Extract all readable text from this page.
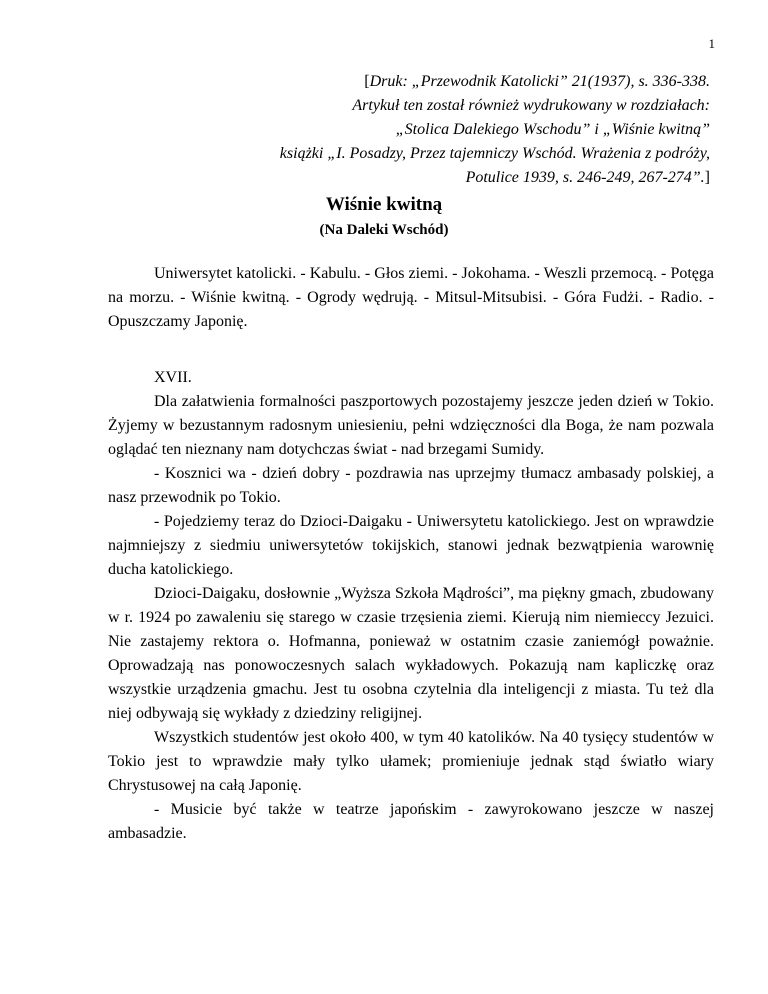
1
[Druk: „Przewodnik Katolicki” 21(1937), s. 336-338.
Artykuł ten został również wydrukowany w rozdziałach:
„Stolica Dalekiego Wschodu” i „Wiśnie kwitną”
książki „I. Posadzy, Przez tajemniczy Wschód. Wrażenia z podróży,
Potulice 1939, s. 246-249, 267-274”.]
Wiśnie kwitną
(Na Daleki Wschód)

Uniwersytet katolicki. - Kabulu. - Głos ziemi. - Jokohama. - Weszli przemocą. - Potęga na morzu. - Wiśnie kwitną. - Ogrody wędrują. - Mitsul-Mitsubisi. - Góra Fudżi. - Radio. - Opuszczamy Japonię.

XVII.

Dla załatwienia formalności paszportowych pozostajemy jeszcze jeden dzień w Tokio. Żyjemy w bezustannym radosnym uniesieniu, pełni wdzięczności dla Boga, że nam pozwala oglądać ten nieznany nam dotychczas świat - nad brzegami Sumidy.

- Kosznici wa - dzień dobry - pozdrawia nas uprzejmy tłumacz ambasady polskiej, a nasz przewodnik po Tokio.

- Pojedziemy teraz do Dzioci-Daigaku - Uniwersytetu katolickiego. Jest on wprawdzie najmniejszy z siedmiu uniwersytetów tokijskich, stanowi jednak bezwątpienia warownię ducha katolickiego.

Dzioci-Daigaku, dosłownie „Wyższa Szkoła Mądrości”, ma piękny gmach, zbudowany w r. 1924 po zawaleniu się starego w czasie trzęsienia ziemi. Kierują nim niemieccy Jezuici. Nie zastajemy rektora o. Hofmanna, ponieważ w ostatnim czasie zaniemógł poważnie. Oprowadzają nas ponowoczesnych salach wykładowych. Pokazują nam kapliczkę oraz wszystkie urządzenia gmachu. Jest tu osobna czytelnia dla inteligencji z miasta. Tu też dla niej odbywają się wykłady z dziedziny religijnej.

Wszystkich studentów jest około 400, w tym 40 katolików. Na 40 tysięcy studentów w Tokio jest to wprawdzie mały tylko ułamek; promieniuje jednak stąd światło wiary Chrystusowej na całą Japonię.

- Musicie być także w teatrze japońskim - zawyrokowano jeszcze w naszej ambasadzie.
